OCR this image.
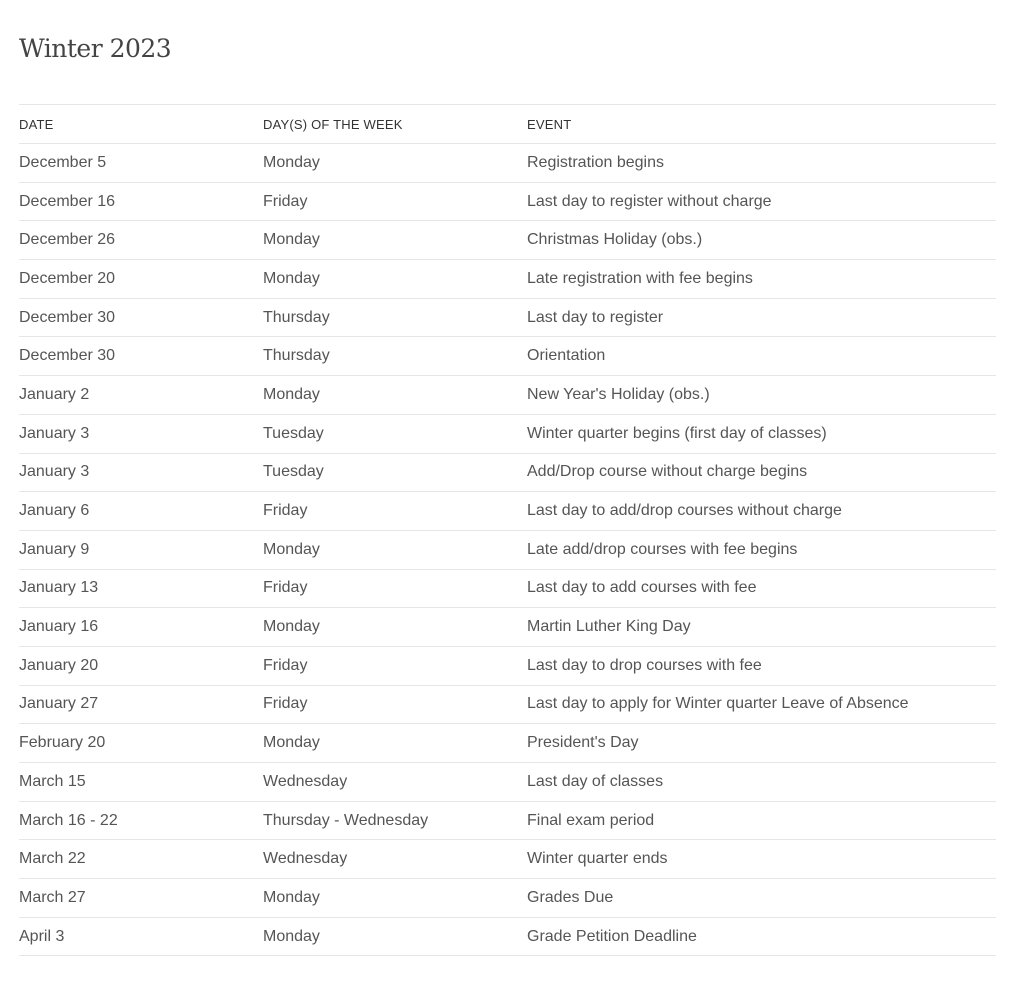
Winter 2023
DATE	DAY(S) OF THE WEEK	EVENT
December 5	Monday	Registration begins
December 16	Friday	Last day to register without charge
December 26	Monday	Christmas Holiday (obs.)
December 20	Monday	Late registration with fee begins
December 30	Thursday	Last day to register
December 30	Thursday	Orientation
January 2	Monday	New Year's Holiday (obs.)
January 3	Tuesday	Winter quarter begins (first day of classes)
January 3	Tuesday	Add/Drop course without charge begins
January 6	Friday	Last day to add/drop courses without charge
January 9	Monday	Late add/drop courses with fee begins
January 13	Friday	Last day to add courses with fee
January 16	Monday	Martin Luther King Day
January 20	Friday	Last day to drop courses with fee
January 27	Friday	Last day to apply for Winter quarter Leave of Absence
February 20	Monday	President's Day
March 15	Wednesday	Last day of classes
March 16 - 22	Thursday - Wednesday	Final exam period
March 22	Wednesday	Winter quarter ends
March 27	Monday	Grades Due
April 3	Monday	Grade Petition Deadline
